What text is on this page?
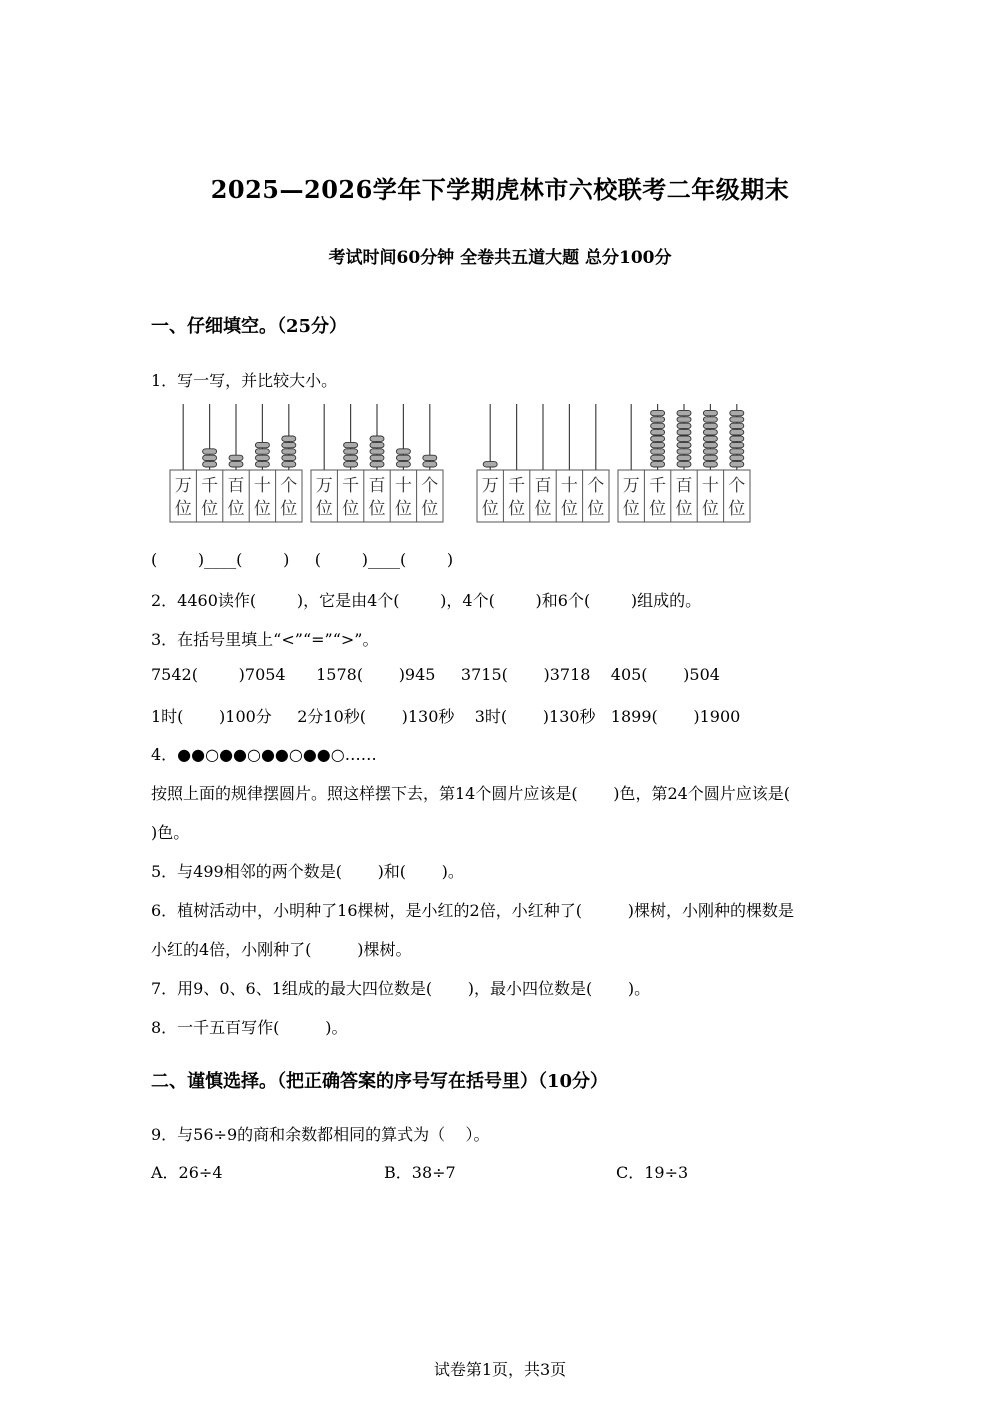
2025—2026学年下学期虎林市六校联考二年级期末
考试时间60分钟 全卷共五道大题 总分100分
一、仔细填空。（25分）
1．写一写，并比较大小。
万
位
千
位
百
位
十
位
个
位
万
位
千
位
百
位
十
位
个
位
万
位
千
位
百
位
十
位
个
位
万
位
千
位
百
位
十
位
个
位
(        )____(        )     (        )____(        )
2．4460读作(        )，它是由4个(        )，4个(        )和6个(        )组成的。
3．在括号里填上“<”“=”“>”。
7542(        )7054      1578(       )945     3715(       )3718    405(       )504
1时(       )100分     2分10秒(       )130秒    3时(       )130秒   1899(       )1900
4．●●○●●○●●○●●○……
按照上面的规律摆圆片。照这样摆下去，第14个圆片应该是(       )色，第24个圆片应该是(
)色。
5．与499相邻的两个数是(       )和(       )。
6．植树活动中，小明种了16棵树，是小红的2倍，小红种了(         )棵树，小刚种的棵数是
小红的4倍，小刚种了(         )棵树。
7．用9、0、6、1组成的最大四位数是(       )，最小四位数是(       )。
8．一千五百写作(         )。
二、谨慎选择。（把正确答案的序号写在括号里）（10分）
9．与56÷9的商和余数都相同的算式为（    ）。
A．26÷4	B．38÷7	C．19÷3
试卷第1页，共3页
